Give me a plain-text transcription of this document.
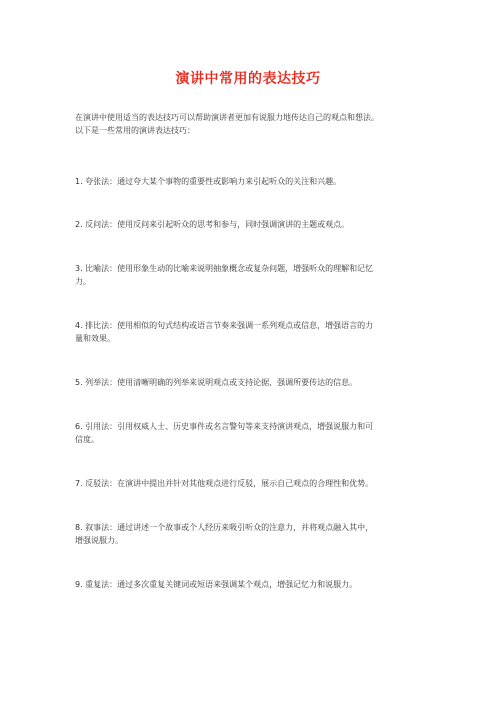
演讲中常用的表达技巧
在演讲中使用适当的表达技巧可以帮助演讲者更加有说服力地传达自己的观点和想法。
以下是一些常用的演讲表达技巧：
1. 夸张法：通过夸大某个事物的重要性或影响力来引起听众的关注和兴趣。
2. 反问法：使用反问来引起听众的思考和参与，同时强调演讲的主题或观点。
3. 比喻法：使用形象生动的比喻来说明抽象概念或复杂问题，增强听众的理解和记忆
力。
4. 排比法：使用相似的句式结构或语言节奏来强调一系列观点或信息，增强语言的力
量和效果。
5. 列举法：使用清晰明确的列举来说明观点或支持论据，强调所要传达的信息。
6. 引用法：引用权威人士、历史事件或名言警句等来支持演讲观点，增强说服力和可
信度。
7. 反驳法：在演讲中提出并针对其他观点进行反驳，展示自己观点的合理性和优势。
8. 叙事法：通过讲述一个故事或个人经历来吸引听众的注意力，并将观点融入其中，
增强说服力。
9. 重复法：通过多次重复关键词或短语来强调某个观点，增强记忆力和说服力。
